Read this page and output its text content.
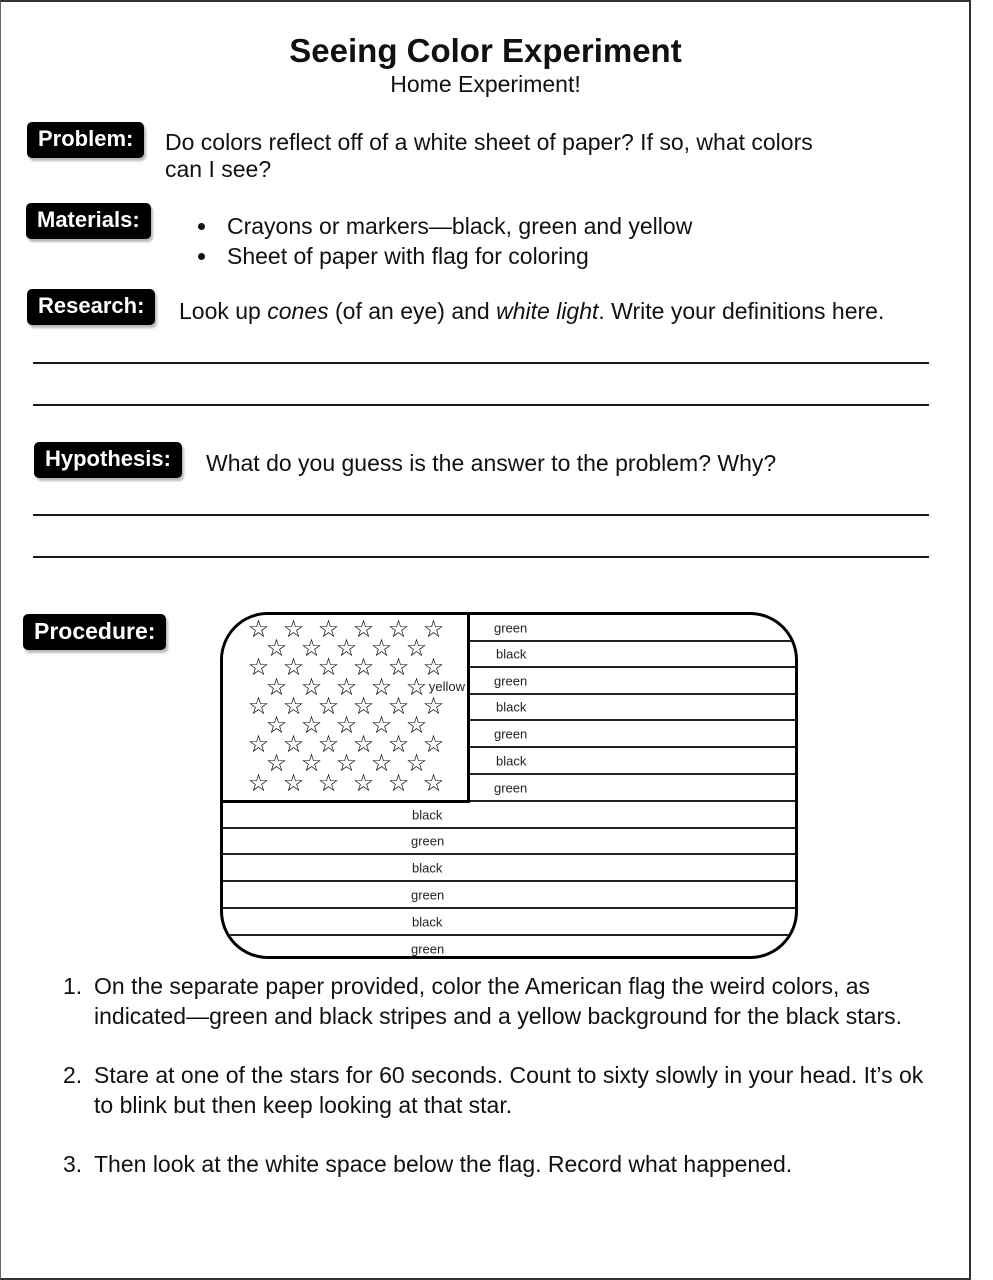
Seeing Color Experiment
Home Experiment!
Problem:	Do colors reflect off of a white sheet of paper? If so, what colors
can I see?
Materials:	Crayons or markers—black, green and yellow
Sheet of paper with flag for coloring
Research:	Look up cones (of an eye) and white light. Write your definitions here.
Hypothesis:	What do you guess is the answer to the problem? Why?
Procedure:	green
black
green
black
green
black
green
black
green
black
green
black
green
yellow
☆ ☆ ☆ ☆ ☆ ☆
☆ ☆ ☆ ☆ ☆
☆ ☆ ☆ ☆ ☆ ☆
☆ ☆ ☆ ☆ ☆
☆ ☆ ☆ ☆ ☆ ☆
☆ ☆ ☆ ☆ ☆
☆ ☆ ☆ ☆ ☆ ☆
☆ ☆ ☆ ☆ ☆
☆ ☆ ☆ ☆ ☆ ☆
1. On the separate paper provided, color the American flag the weird colors, as indicated—green and black stripes and a yellow background for the black stars.
2. Stare at one of the stars for 60 seconds. Count to sixty slowly in your head. It’s ok to blink but then keep looking at that star.
3. Then look at the white space below the flag. Record what happened.
